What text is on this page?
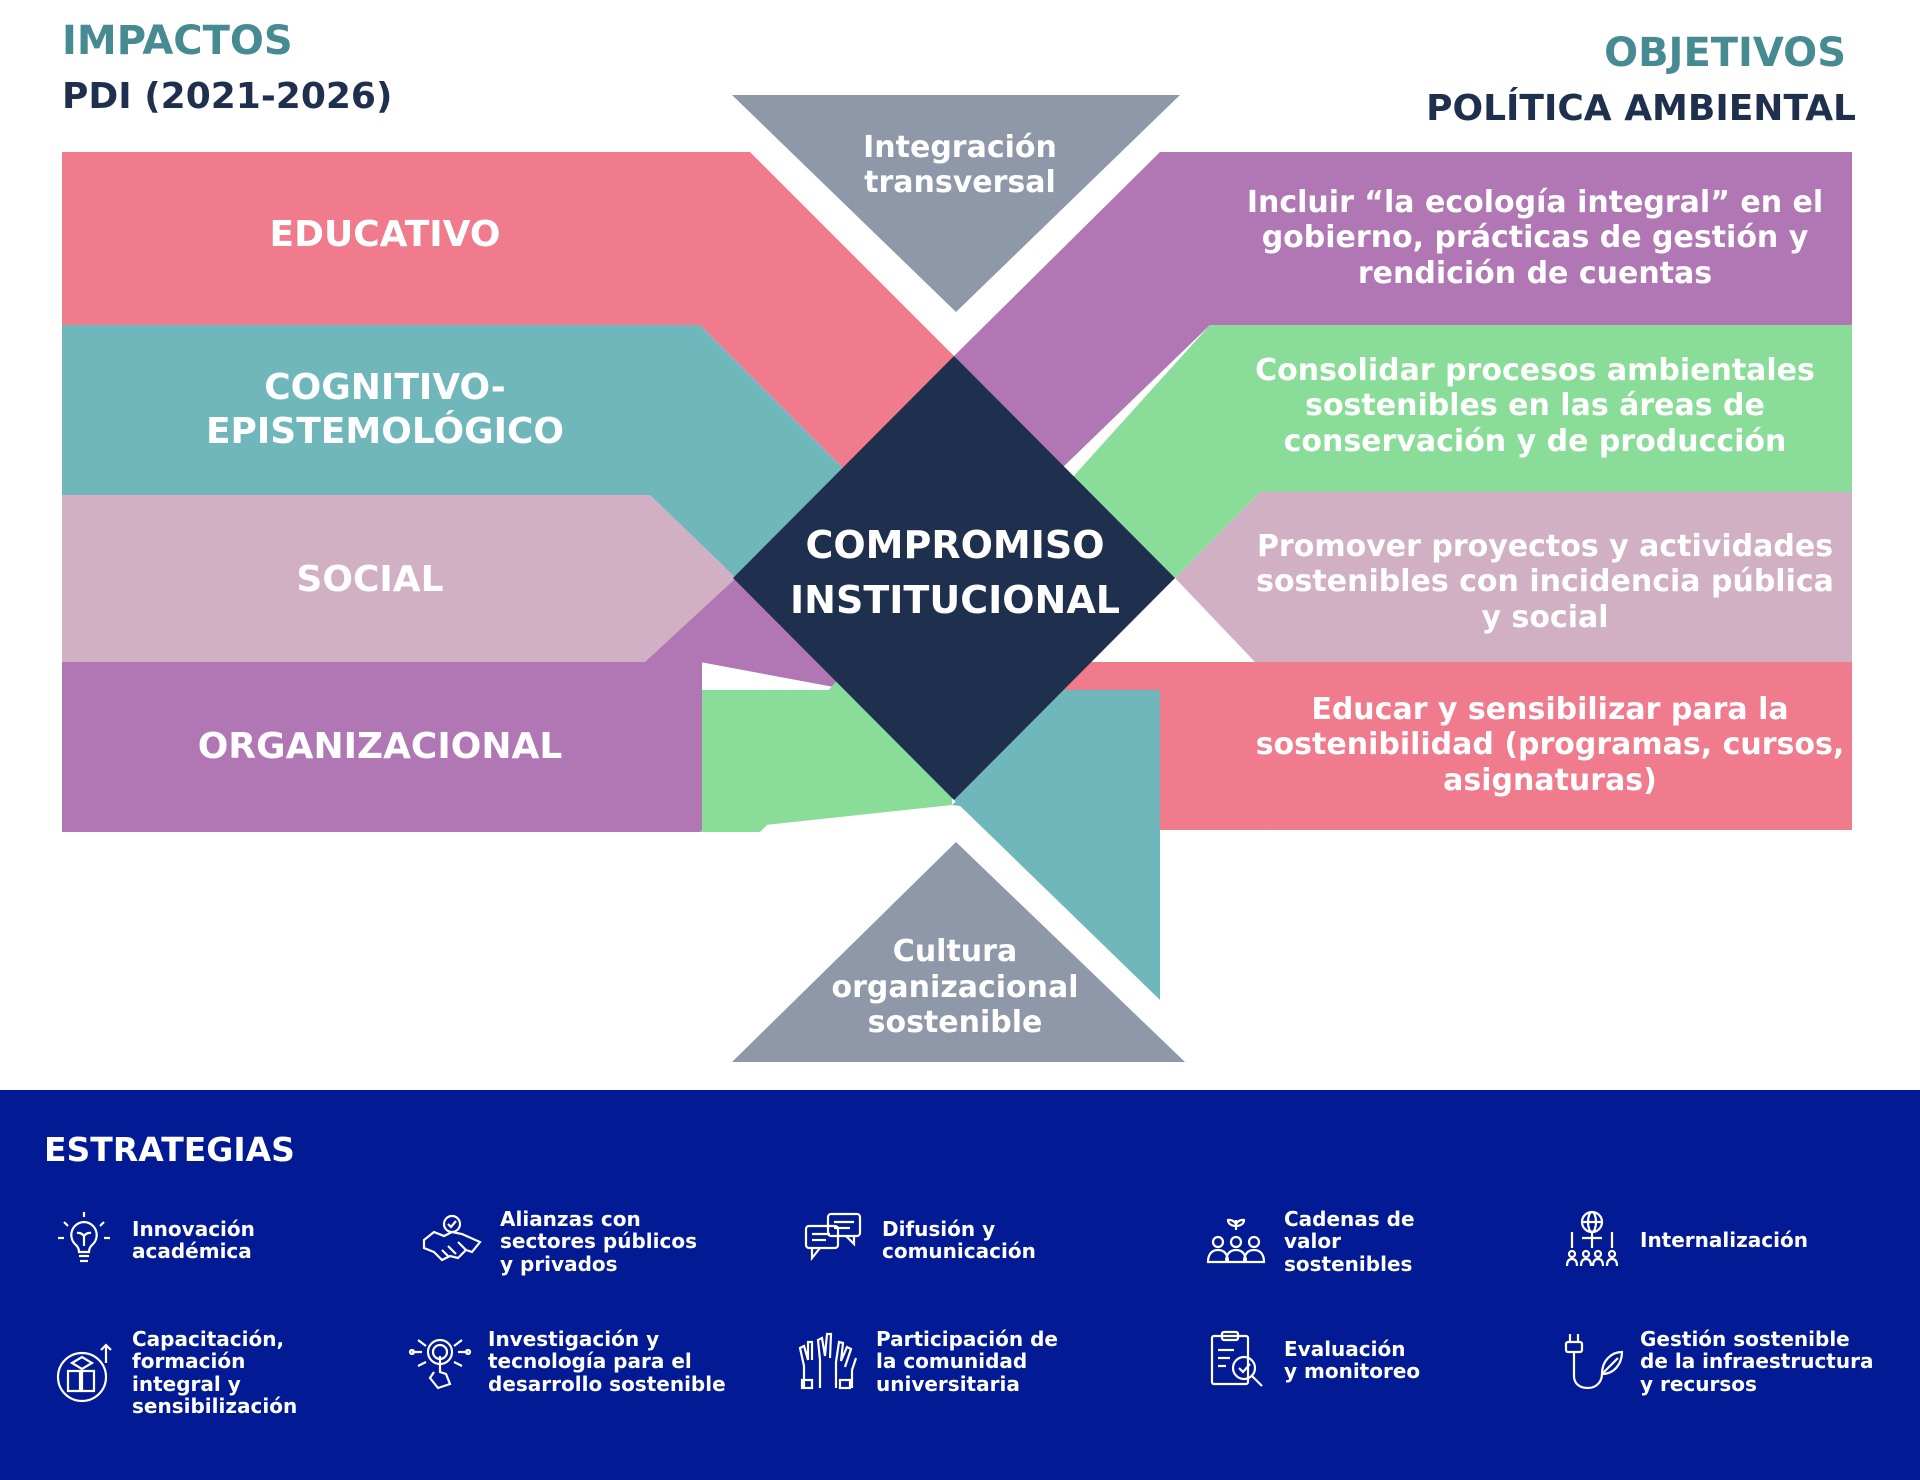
IMPACTOS
PDI (2021-2026)
OBJETIVOS
POLÍTICA AMBIENTAL
EDUCATIVO
COGNITIVO-
EPISTEMOLÓGICO
SOCIAL
ORGANIZACIONAL
AMBIENTAL
Incluir “la ecología integral” en el gobierno, prácticas de gestión y rendición de cuentas
Consolidar procesos ambientales sostenibles en las áreas de conservación y de producción
Promover proyectos y actividades sostenibles con incidencia pública y social
Educar y sensibilizar para la sostenibilidad (programas, cursos, asignaturas)
Generar y transferir conocimientos para afrontar los desafíos ambientales
COMPROMISO
INSTITUCIONAL
Integración
transversal
Cultura
organizacional
sostenible
ESTRATEGIAS
Innovación
académica
Alianzas con
sectores públicos
y privados
Difusión y
comunicación
Cadenas de
valor
sostenibles
Internalización
Capacitación,
formación
integral y
sensibilización
Investigación y
tecnología para el
desarrollo sostenible
Participación de
la comunidad
universitaria
Evaluación
y monitoreo
Gestión sostenible
de la infraestructura
y recursos
